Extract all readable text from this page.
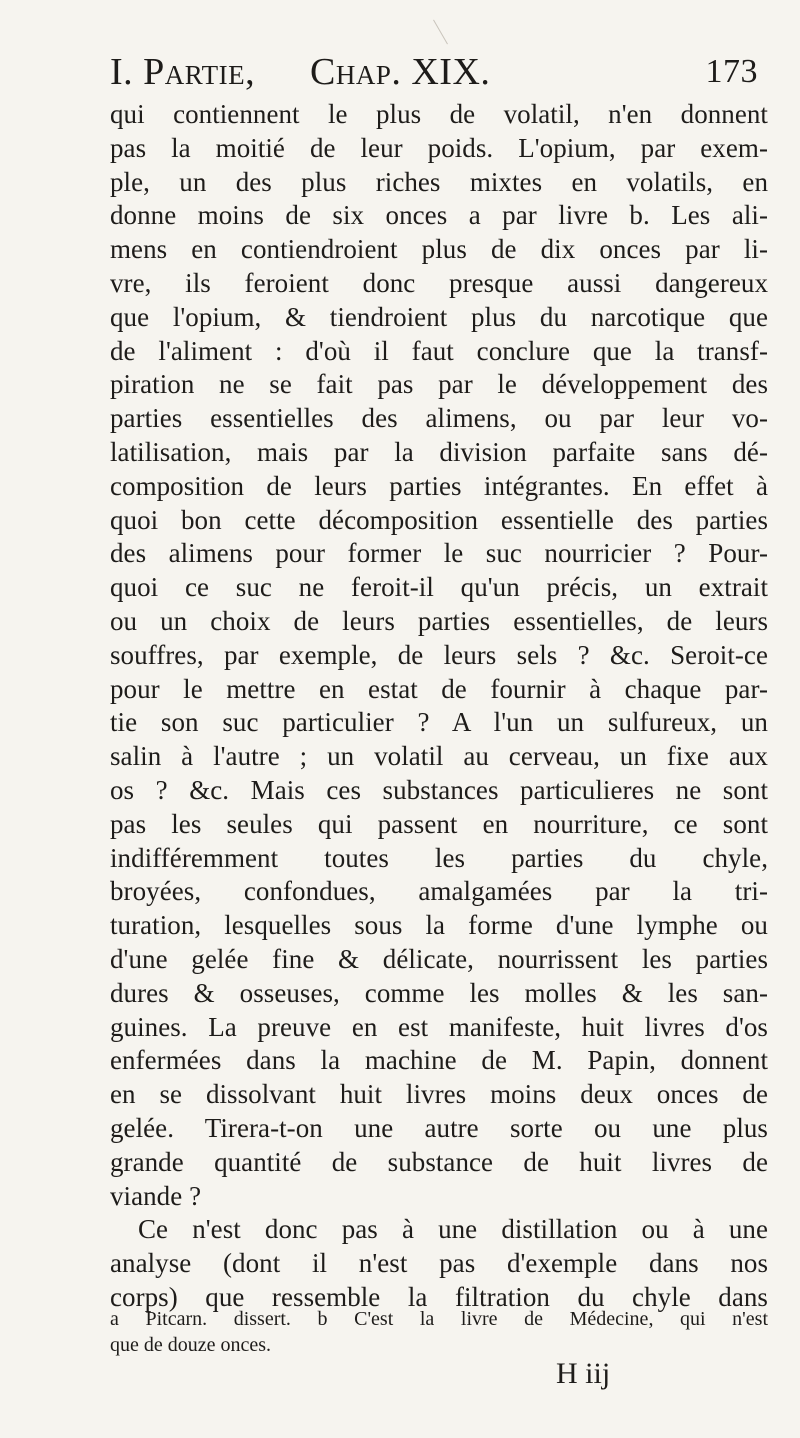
I. Partie, Chap. XIX.	173
qui contiennent le plus de volatil, n'en donnent
pas la moitié de leur poids. L'opium, par exem-
ple, un des plus riches mixtes en volatils, en
donne moins de six onces a par livre b. Les ali-
mens en contiendroient plus de dix onces par li-
vre, ils feroient donc presque aussi dangereux
que l'opium, & tiendroient plus du narcotique que
de l'aliment : d'où il faut conclure que la transf-
piration ne se fait pas par le développement des
parties essentielles des alimens, ou par leur vo-
latilisation, mais par la division parfaite sans dé-
composition de leurs parties intégrantes. En effet à
quoi bon cette décomposition essentielle des parties
des alimens pour former le suc nourricier ? Pour-
quoi ce suc ne feroit-il qu'un précis, un extrait
ou un choix de leurs parties essentielles, de leurs
souffres, par exemple, de leurs sels ? &c. Seroit-ce
pour le mettre en estat de fournir à chaque par-
tie son suc particulier ? A l'un un sulfureux, un
salin à l'autre ; un volatil au cerveau, un fixe aux
os ? &c. Mais ces substances particulieres ne sont
pas les seules qui passent en nourriture, ce sont
indifféremment toutes les parties du chyle,
broyées, confondues, amalgamées par la tri-
turation, lesquelles sous la forme d'une lymphe ou
d'une gelée fine & délicate, nourrissent les parties
dures & osseuses, comme les molles & les san-
guines. La preuve en est manifeste, huit livres d'os
enfermées dans la machine de M. Papin, donnent
en se dissolvant huit livres moins deux onces de
gelée. Tirera-t-on une autre sorte ou une plus
grande quantité de substance de huit livres de
viande ?
Ce n'est donc pas à une distillation ou à une
analyse (dont il n'est pas d'exemple dans nos
corps) que ressemble la filtration du chyle dans
a Pitcarn. dissert. b C'est la livre de Médecine, qui n'est
que de douze onces.
H iij
